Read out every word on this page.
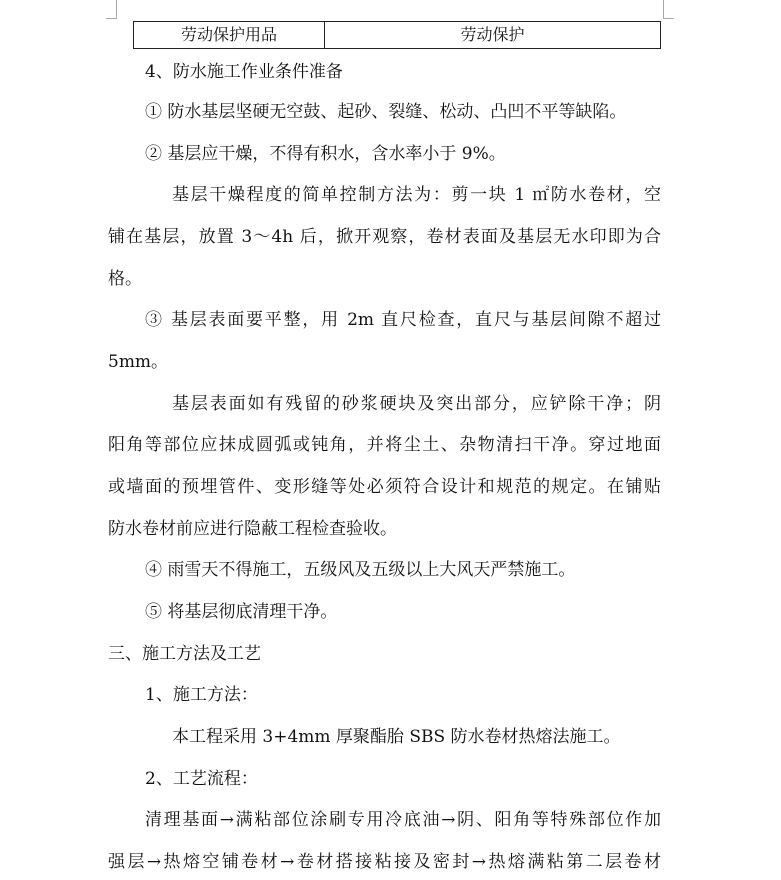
劳动保护用品	劳动保护

4、防水施工作业条件准备

① 防水基层坚硬无空鼓、起砂、裂缝、松动、凸凹不平等缺陷。

② 基层应干燥，不得有积水，含水率小于 9%。

基层干燥程度的简单控制方法为：剪一块 1 ㎡防水卷材，空

铺在基层，放置 3～4h 后，掀开观察，卷材表面及基层无水印即为合

格。

③ 基层表面要平整，用 2m 直尺检查，直尺与基层间隙不超过

5mm。

基层表面如有残留的砂浆硬块及突出部分，应铲除干净；阴

阳角等部位应抹成圆弧或钝角，并将尘土、杂物清扫干净。穿过地面

或墙面的预埋管件、变形缝等处必须符合设计和规范的规定。在铺贴

防水卷材前应进行隐蔽工程检查验收。

④ 雨雪天不得施工，五级风及五级以上大风天严禁施工。

⑤ 将基层彻底清理干净。

三、施工方法及工艺

1、施工方法：

本工程采用 3+4mm 厚聚酯胎 SBS 防水卷材热熔法施工。

2、工艺流程：

清理基面→满粘部位涂刷专用冷底油→阴、阳角等特殊部位作加

强层→热熔空铺卷材→卷材搭接粘接及密封→热熔满粘第二层卷材
